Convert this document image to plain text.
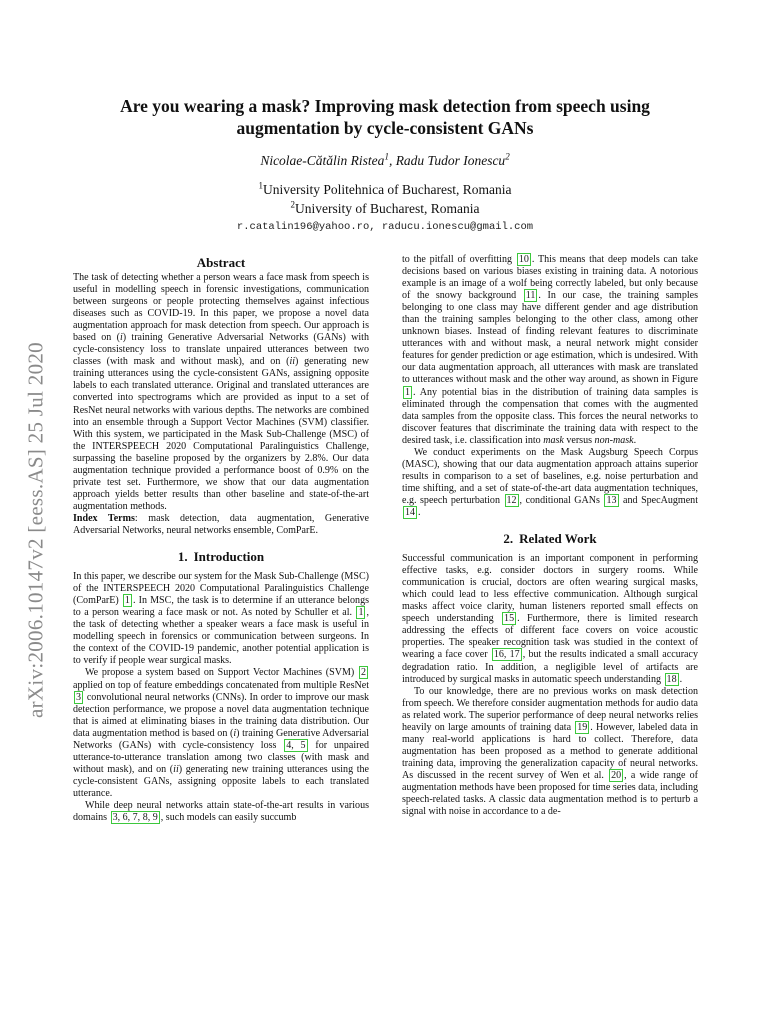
arXiv:2006.10147v2 [eess.AS] 25 Jul 2020
Are you wearing a mask? Improving mask detection from speech using
augmentation by cycle-consistent GANs
Nicolae-Cătălin Ristea$^1$, Radu Tudor Ionescu$^2$
$^1$University Politehnica of Bucharest, Romania
$^2$University of Bucharest, Romania
r.catalin196@yahoo.ro, raducu.ionescu@gmail.com
Abstract

The task of detecting whether a person wears a face mask from speech is useful in modelling speech in forensic investigations, communication between surgeons or people protecting themselves against infectious diseases such as COVID-19. In this paper, we propose a novel data augmentation approach for mask detection from speech. Our approach is based on (i) training Generative Adversarial Networks (GANs) with cycle-consistency loss to translate unpaired utterances between two classes (with mask and without mask), and on (ii) generating new training utterances using the cycle-consistent GANs, assigning opposite labels to each translated utterance. Original and translated utterances are converted into spectrograms which are provided as input to a set of ResNet neural networks with various depths. The networks are combined into an ensemble through a Support Vector Machines (SVM) classifier. With this system, we participated in the Mask Sub-Challenge (MSC) of the INTERSPEECH 2020 Computational Paralinguistics Challenge, surpassing the baseline proposed by the organizers by 2.8%. Our data augmentation technique provided a performance boost of 0.9% on the private test set. Furthermore, we show that our data augmentation approach yields better results than other baseline and state-of-the-art augmentation methods.

Index Terms: mask detection, data augmentation, Generative Adversarial Networks, neural networks ensemble, ComParE.

1. Introduction

In this paper, we describe our system for the Mask Sub-Challenge (MSC) of the INTERSPEECH 2020 Computational Paralinguistics Challenge (ComParE) 1 . In MSC, the task is to determine if an utterance belongs to a person wearing a face mask or not. As noted by Schuller et al. 1 , the task of detecting whether a speaker wears a face mask is useful in modelling speech in forensics or communication between surgeons. In the context of the COVID-19 pandemic, another potential application is to verify if people wear surgical masks.

We propose a system based on Support Vector Machines (SVM) 2 applied on top of feature embeddings concatenated from multiple ResNet 3 convolutional neural networks (CNNs). In order to improve our mask detection performance, we propose a novel data augmentation technique that is aimed at eliminating biases in the training data distribution. Our data augmentation method is based on (i) training Generative Adversarial Networks (GANs) with cycle-consistency loss 4, 5 for unpaired utterance-to-utterance translation among two classes (with mask and without mask), and on (ii) generating new training utterances using the cycle-consistent GANs, assigning opposite labels to each translated utterance.

While deep neural networks attain state-of-the-art results in various domains 3, 6, 7, 8, 9 , such models can easily succumb

to the pitfall of overfitting 10 . This means that deep models can take decisions based on various biases existing in training data. A notorious example is an image of a wolf being correctly labeled, but only because of the snowy background 11 . In our case, the training samples belonging to one class may have different gender and age distribution than the training samples belonging to the other class, among other unknown biases. Instead of finding relevant features to discriminate utterances with and without mask, a neural network might consider features for gender prediction or age estimation, which is undesired. With our data augmentation approach, all utterances with mask are translated to utterances without mask and the other way around, as shown in Figure 1 . Any potential bias in the distribution of training data samples is eliminated through the compensation that comes with the augmented data samples from the opposite class. This forces the neural networks to discover features that discriminate the training data with respect to the desired task, i.e. classification into mask versus non-mask.

We conduct experiments on the Mask Augsburg Speech Corpus (MASC), showing that our data augmentation approach attains superior results in comparison to a set of baselines, e.g. noise perturbation and time shifting, and a set of state-of-the-art data augmentation techniques, e.g. speech perturbation 12 , conditional GANs 13 and SpecAugment 14 .

2. Related Work

Successful communication is an important component in performing effective tasks, e.g. consider doctors in surgery rooms. While communication is crucial, doctors are often wearing surgical masks, which could lead to less effective communication. Although surgical masks affect voice clarity, human listeners reported small effects on speech understanding 15 . Furthermore, there is limited research addressing the effects of different face covers on voice acoustic properties. The speaker recognition task was studied in the context of wearing a face cover 16, 17 , but the results indicated a small accuracy degradation ratio. In addition, a negligible level of artifacts are introduced by surgical masks in automatic speech understanding 18 .

To our knowledge, there are no previous works on mask detection from speech. We therefore consider augmentation methods for audio data as related work. The superior performance of deep neural networks relies heavily on large amounts of training data 19 . However, labeled data in many real-world applications is hard to collect. Therefore, data augmentation has been proposed as a method to generate additional training data, improving the generalization capacity of neural networks. As discussed in the recent survey of Wen et al. 20 , a wide range of augmentation methods have been proposed for time series data, including speech-related tasks. A classic data augmentation method is to perturb a signal with noise in accordance to a de-
